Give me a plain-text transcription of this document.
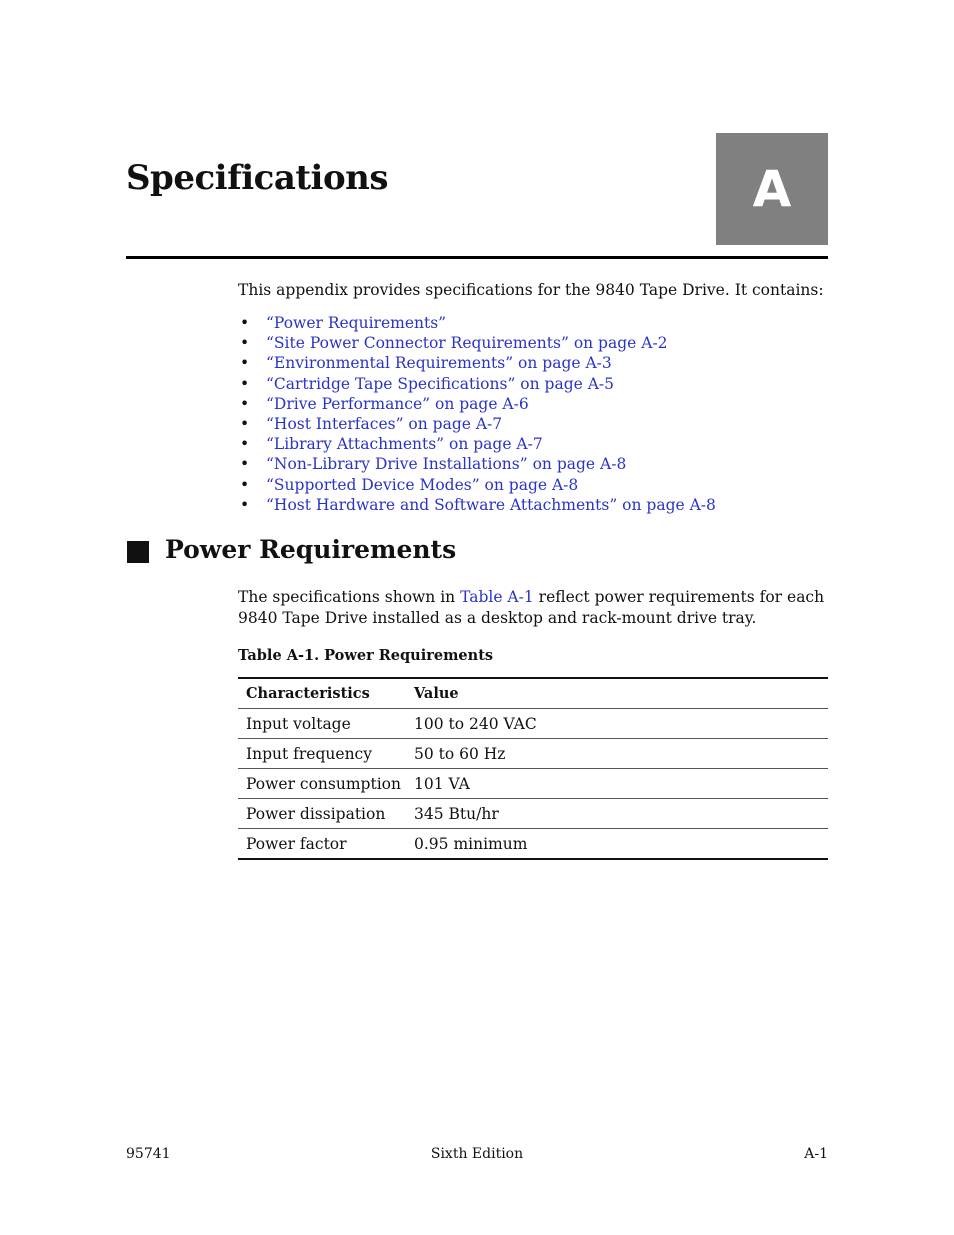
Specifications	A

This appendix provides specifications for the 9840 Tape Drive. It contains:

• “Power Requirements”
• “Site Power Connector Requirements” on page A-2
• “Environmental Requirements” on page A-3
• “Cartridge Tape Specifications” on page A-5
• “Drive Performance” on page A-6
• “Host Interfaces” on page A-7
• “Library Attachments” on page A-7
• “Non-Library Drive Installations” on page A-8
• “Supported Device Modes” on page A-8
• “Host Hardware and Software Attachments” on page A-8
Power Requirements

The specifications shown in Table A-1 reflect power requirements for each 9840 Tape Drive installed as a desktop and rack-mount drive tray.

Table A-1. Power Requirements

Characteristics	Value
Input voltage	100 to 240 VAC
Input frequency	50 to 60 Hz
Power consumption	101 VA
Power dissipation	345 Btu/hr
Power factor	0.95 minimum

95741	Sixth Edition	A-1
